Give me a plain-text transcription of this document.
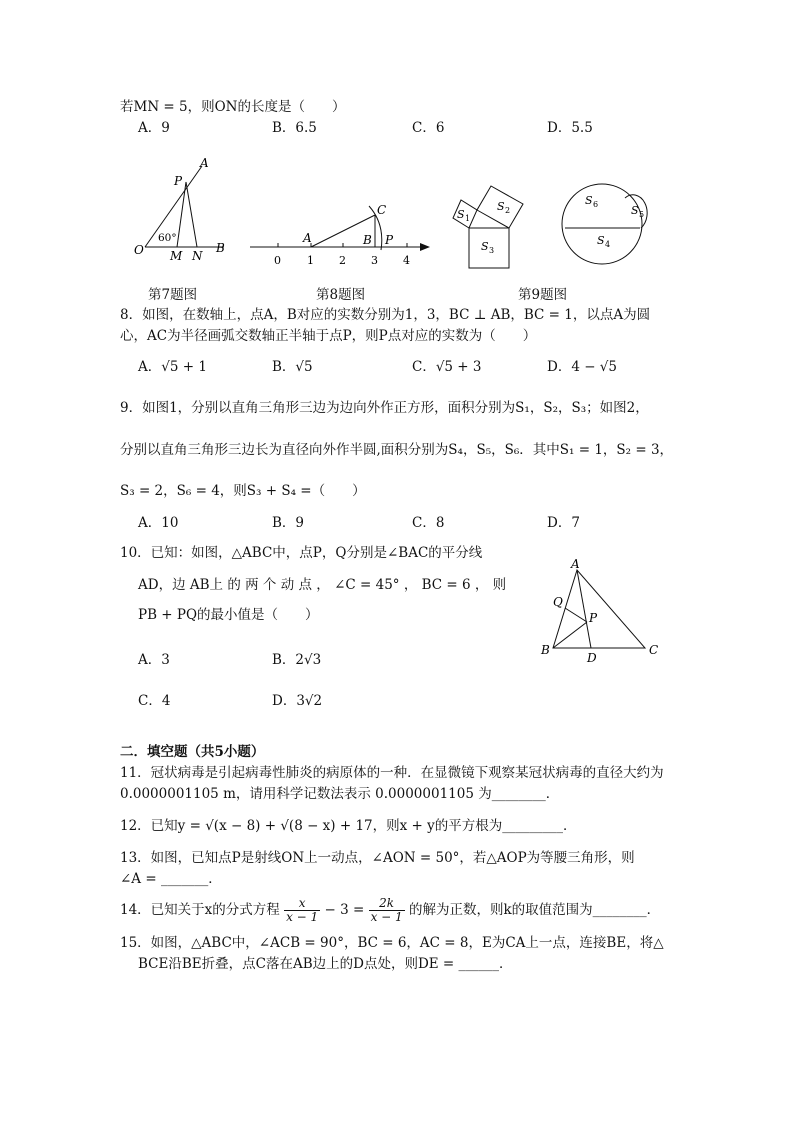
若MN = 5，则ON的长度是（　　）
A．9	B．6.5	C．6	D．5.5
A
P
60°
O M N
B
C
A	B P
0 1 2 3 4
S 1
S 2
S 3
S 6	S 5
S 4
第7题图	第8题图	第9题图
8．如图，在数轴上，点A，B对应的实数分别为1，3，BC ⊥ AB，BC = 1，以点A为圆
心，AC为半径画弧交数轴正半轴于点P，则P点对应的实数为（　　）
A．√5 + 1	B．√5	C．√5 + 3	D．4 − √5
9．如图1，分别以直角三角形三边为边向外作正方形，面积分别为S₁，S₂，S₃；如图2，
分别以直角三角形三边长为直径向外作半圆,面积分别为S₄，S₅，S₆．其中S₁ = 1，S₂ = 3，
S₃ = 2，S₆ = 4，则S₃ + S₄ =（　　）
A．10	B．9	C．8	D．7
10．已知：如图，△ABC中，点P，Q分别是∠BAC的平分线
AD，边 AB上 的 两 个 动 点 ， ∠C = 45° ， BC = 6 ， 则
PB + PQ的最小值是（　　）
A．3	B．2√3
C．4	D．3√2
A
Q
P
B
D
C
二．填空题（共5小题）
11．冠状病毒是引起病毒性肺炎的病原体的一种．在显微镜下观察某冠状病毒的直径大约为
0.0000001105 m，请用科学记数法表示 0.0000001105 为________．
12．已知y = √(x − 8) + √(8 − x) + 17，则x + y的平方根为_________．
13．如图，已知点P是射线ON上一动点，∠AON = 50°，若△AOP为等腰三角形，则
∠A = _______．
14．已知关于x的分式方程 $\frac{x}{x - 1} - 3 = \frac{2k}{x - 1}$ 的解为正数，则k的取值范围为________．
15．如图，△ABC中，∠ACB = 90°，BC = 6，AC = 8，E为CA上一点，连接BE，将△
BCE沿BE折叠，点C落在AB边上的D点处，则DE = ______．
